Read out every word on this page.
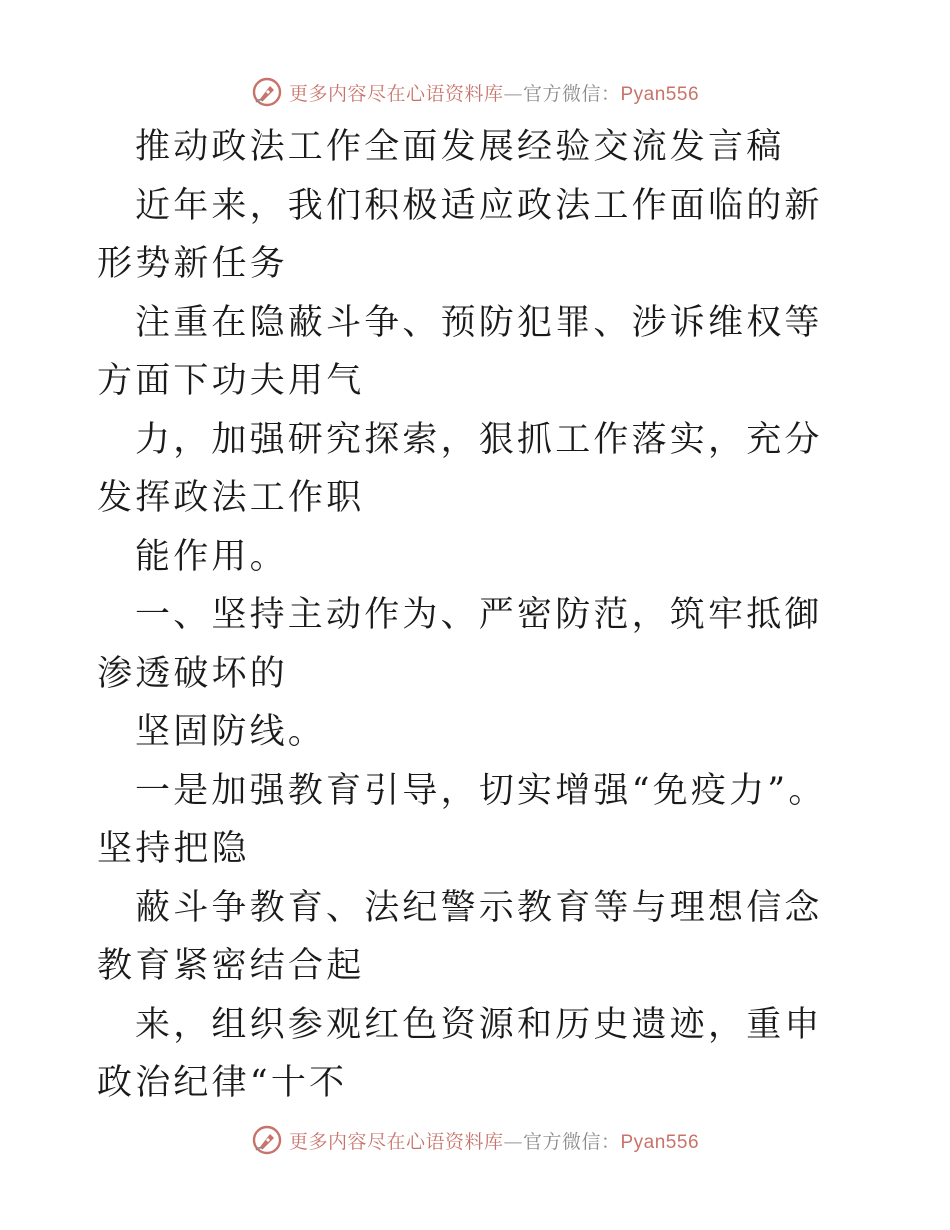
更多内容尽在心语资料库—官方微信：Pyan556

推动政法工作全面发展经验交流发言稿

近年来，我们积极适应政法工作面临的新形势新任务

注重在隐蔽斗争、预防犯罪、涉诉维权等方面下功夫用气

力，加强研究探索，狠抓工作落实，充分发挥政法工作职

能作用。

一、坚持主动作为、严密防范，筑牢抵御渗透破坏的

坚固防线。

一是加强教育引导，切实增强“免疫力”。坚持把隐

蔽斗争教育、法纪警示教育等与理想信念教育紧密结合起

来，组织参观红色资源和历史遗迹，重申政治纪律“十不

更多内容尽在心语资料库—官方微信：Pyan556
